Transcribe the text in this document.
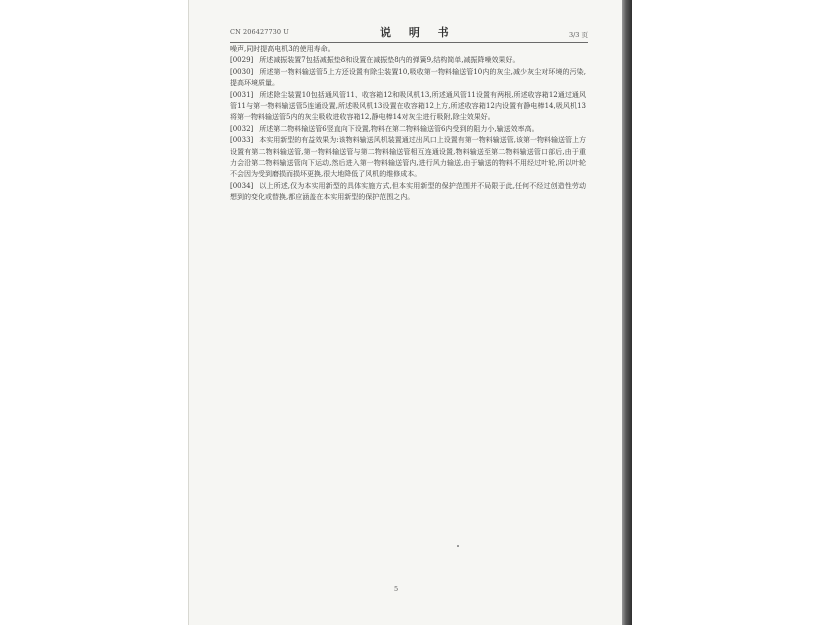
CN 206427730 U	说 明 书	3/3 页

噪声,同时提高电机3的使用寿命。

[0029] 所述减振装置7包括减振垫8和设置在减振垫8内的弹簧9,结构简单,减振降噪效果好。

[0030] 所述第一物料输送管5上方还设置有除尘装置10,吸收第一物料输送管10内的灰尘,减少灰尘对环境的污染,提高环境质量。

[0031] 所述除尘装置10包括通风管11、收容箱12和吸风机13,所述通风管11设置有两根,所述收容箱12通过通风管11与第一物料输送管5连通设置,所述吸风机13设置在收容箱12上方,所述收容箱12内设置有静电棒14,吸风机13将第一物料输送管5内的灰尘吸收进收容箱12,静电棒14对灰尘进行吸附,除尘效果好。

[0032] 所述第二物料输送管6竖直向下设置,物料在第二物料输送管6内受到的阻力小,输送效率高。

[0033] 本实用新型的有益效果为:该物料输送风机装置通过出风口上设置有第一物料输送管,该第一物料输送管上方设置有第二物料输送管,第一物料输送管与第二物料输送管相互连通设置,物料输送至第二物料输送管口部后,由于重力会沿第二物料输送管向下运动,然后进入第一物料输送管内,进行风力输送,由于输送的物料不用经过叶轮,所以叶轮不会因为受到磨损而损坏更换,很大地降低了风机的维修成本。

[0034] 以上所述,仅为本实用新型的具体实施方式,但本实用新型的保护范围并不局限于此,任何不经过创造性劳动想到的变化或替换,都应涵盖在本实用新型的保护范围之内。

5
